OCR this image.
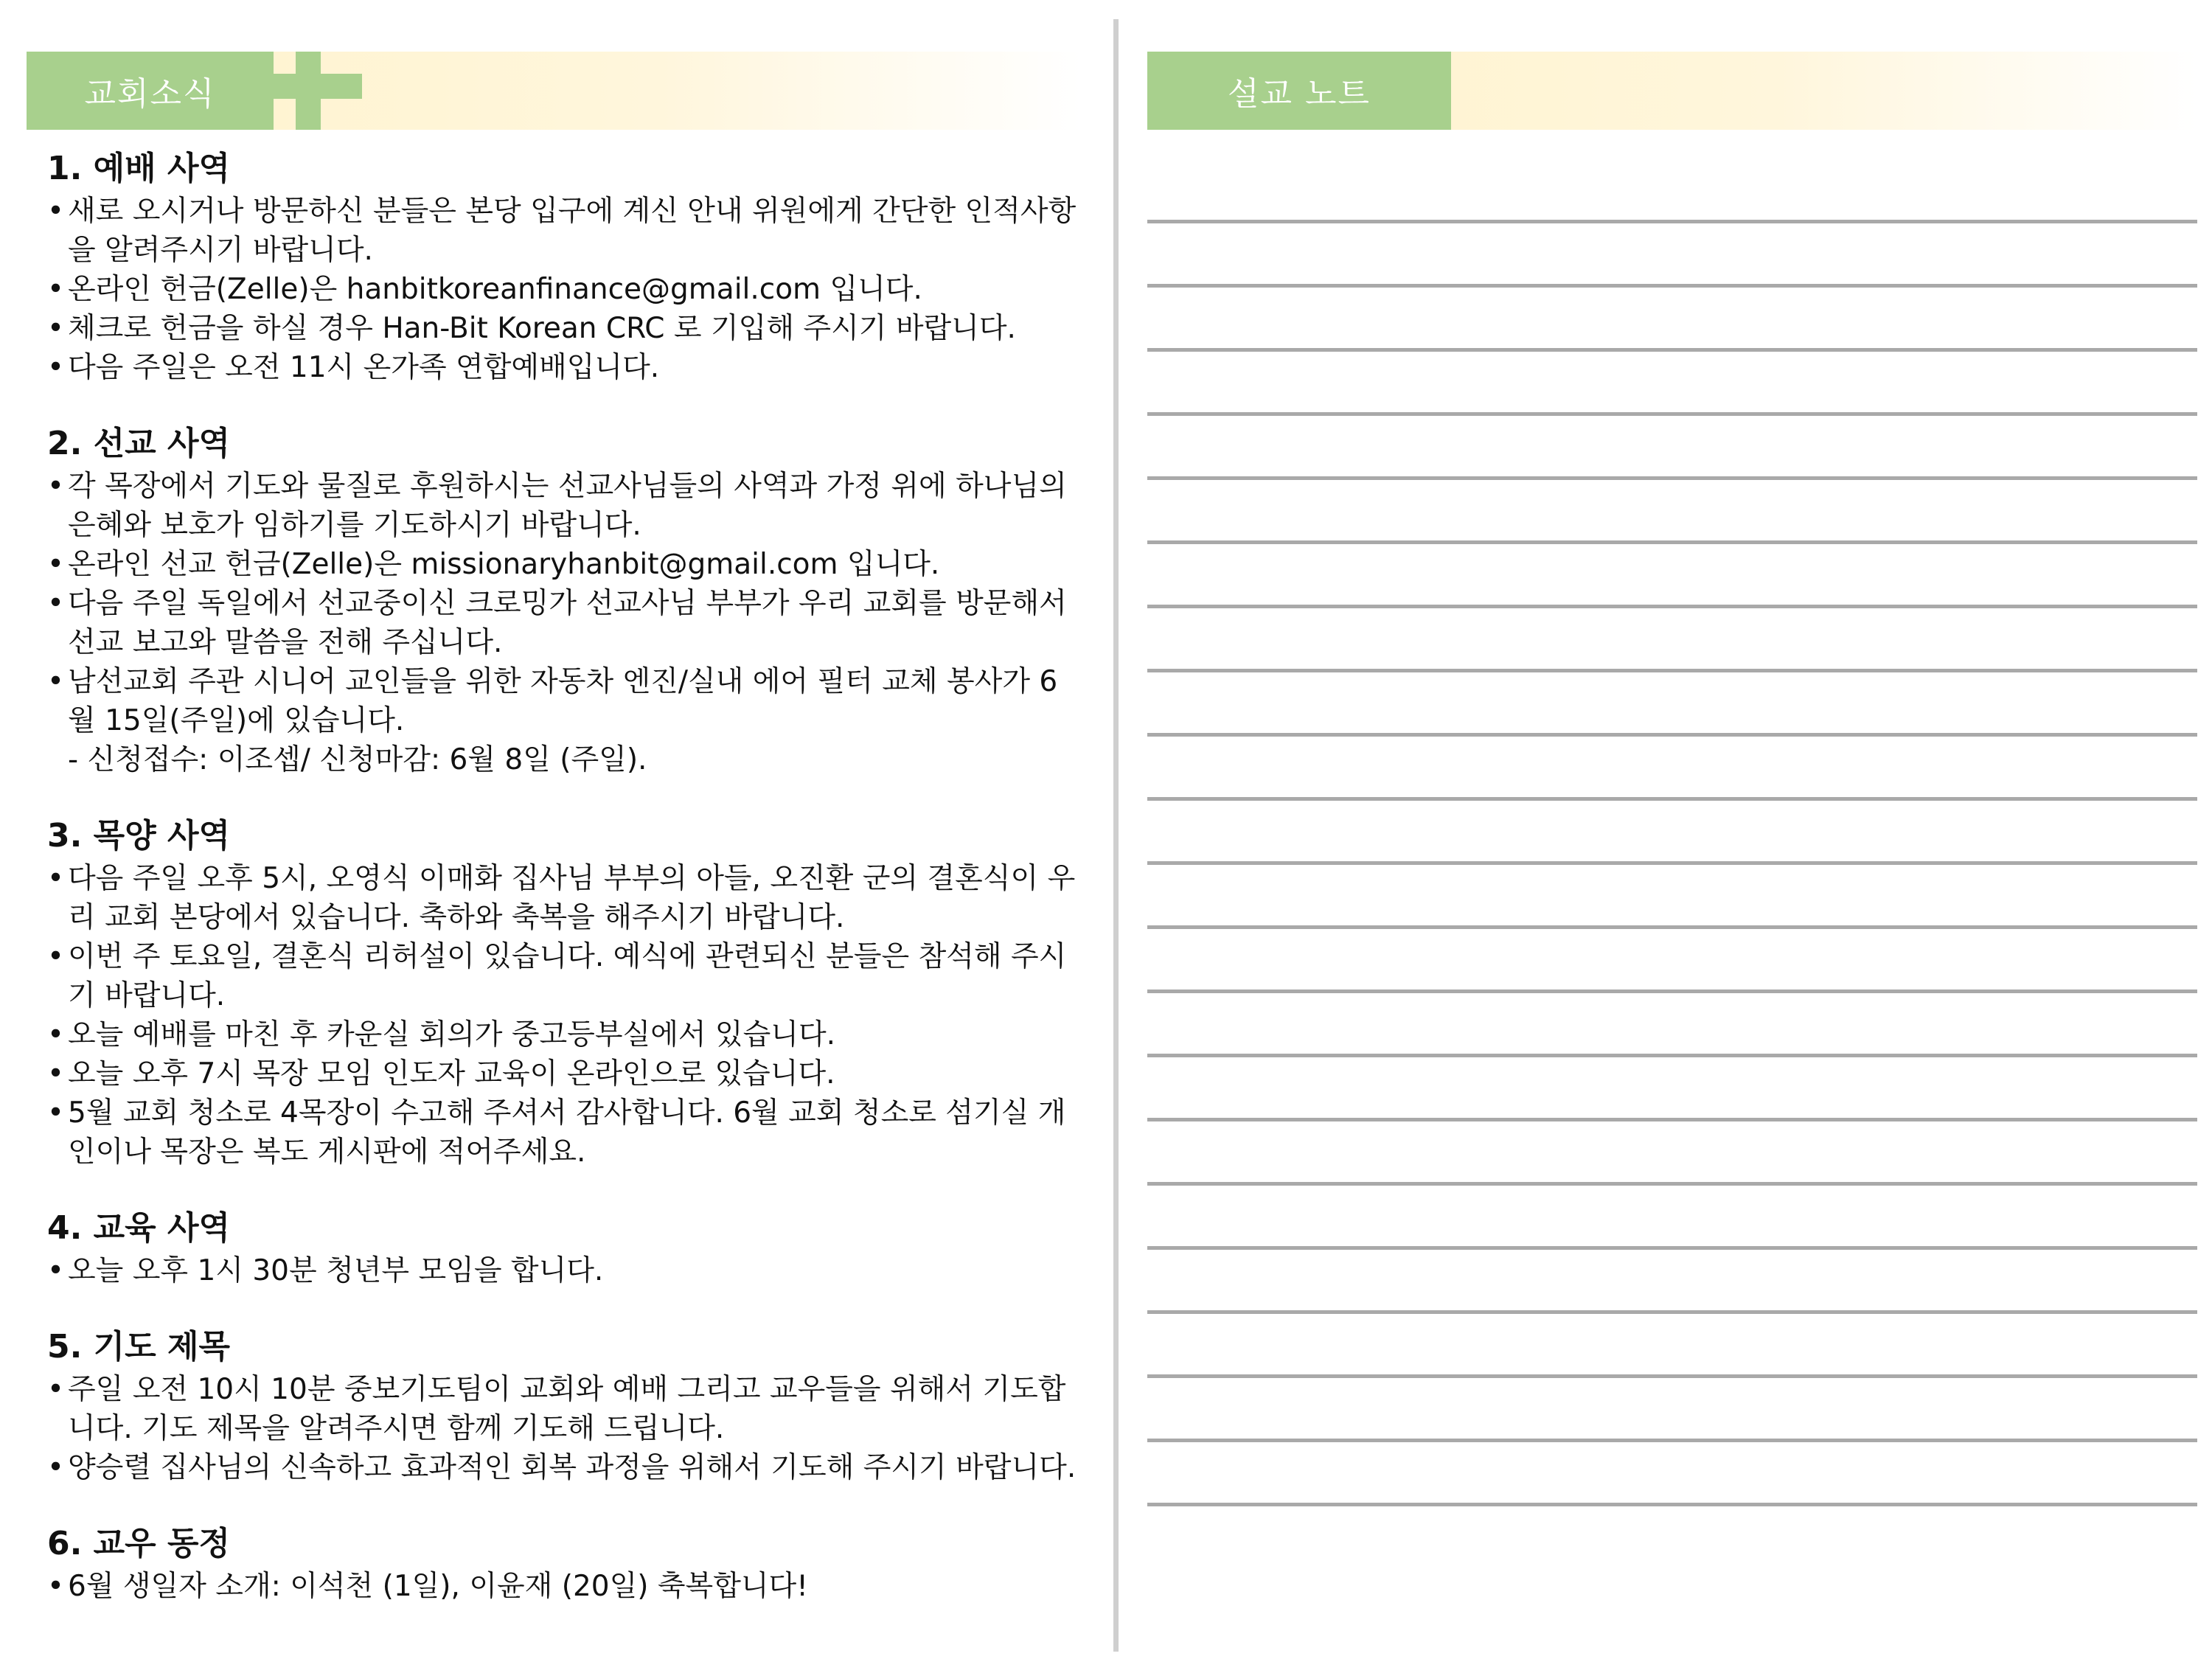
교회소식
1. 예배 사역
• 새로 오시거나 방문하신 분들은 본당 입구에 계신 안내 위원에게 간단한 인적사항을 알려주시기 바랍니다.
• 온라인 헌금(Zelle)은 hanbitkoreanfinance@gmail.com 입니다.
• 체크로 헌금을 하실 경우 Han-Bit Korean CRC 로 기입해 주시기 바랍니다.
• 다음 주일은 오전 11시 온가족 연합예배입니다.
2. 선교 사역
• 각 목장에서 기도와 물질로 후원하시는 선교사님들의 사역과 가정 위에 하나님의 은혜와 보호가 임하기를 기도하시기 바랍니다.
• 온라인 선교 헌금(Zelle)은 missionaryhanbit@gmail.com 입니다.
• 다음 주일 독일에서 선교중이신 크로밍가 선교사님 부부가 우리 교회를 방문해서 선교 보고와 말씀을 전해 주십니다.
• 남선교회 주관 시니어 교인들을 위한 자동차 엔진/실내 에어 필터 교체 봉사가 6월 15일(주일)에 있습니다.
- 신청접수: 이조셉/ 신청마감: 6월 8일 (주일).
3. 목양 사역
• 다음 주일 오후 5시, 오영식 이매화 집사님 부부의 아들, 오진환 군의 결혼식이 우리 교회 본당에서 있습니다. 축하와 축복을 해주시기 바랍니다.
• 이번 주 토요일, 결혼식 리허설이 있습니다. 예식에 관련되신 분들은 참석해 주시기 바랍니다.
• 오늘 예배를 마친 후 카운실 회의가 중고등부실에서 있습니다.
• 오늘 오후 7시 목장 모임 인도자 교육이 온라인으로 있습니다.
• 5월 교회 청소로 4목장이 수고해 주셔서 감사합니다. 6월 교회 청소로 섬기실 개인이나 목장은 복도 게시판에 적어주세요.
4. 교육 사역
• 오늘 오후 1시 30분 청년부 모임을 합니다.
5. 기도 제목
• 주일 오전 10시 10분 중보기도팀이 교회와 예배 그리고 교우들을 위해서 기도합니다. 기도 제목을 알려주시면 함께 기도해 드립니다.
• 양승렬 집사님의 신속하고 효과적인 회복 과정을 위해서 기도해 주시기 바랍니다.
6. 교우 동정
• 6월 생일자 소개: 이석천 (1일), 이윤재 (20일) 축복합니다!
설교 노트
